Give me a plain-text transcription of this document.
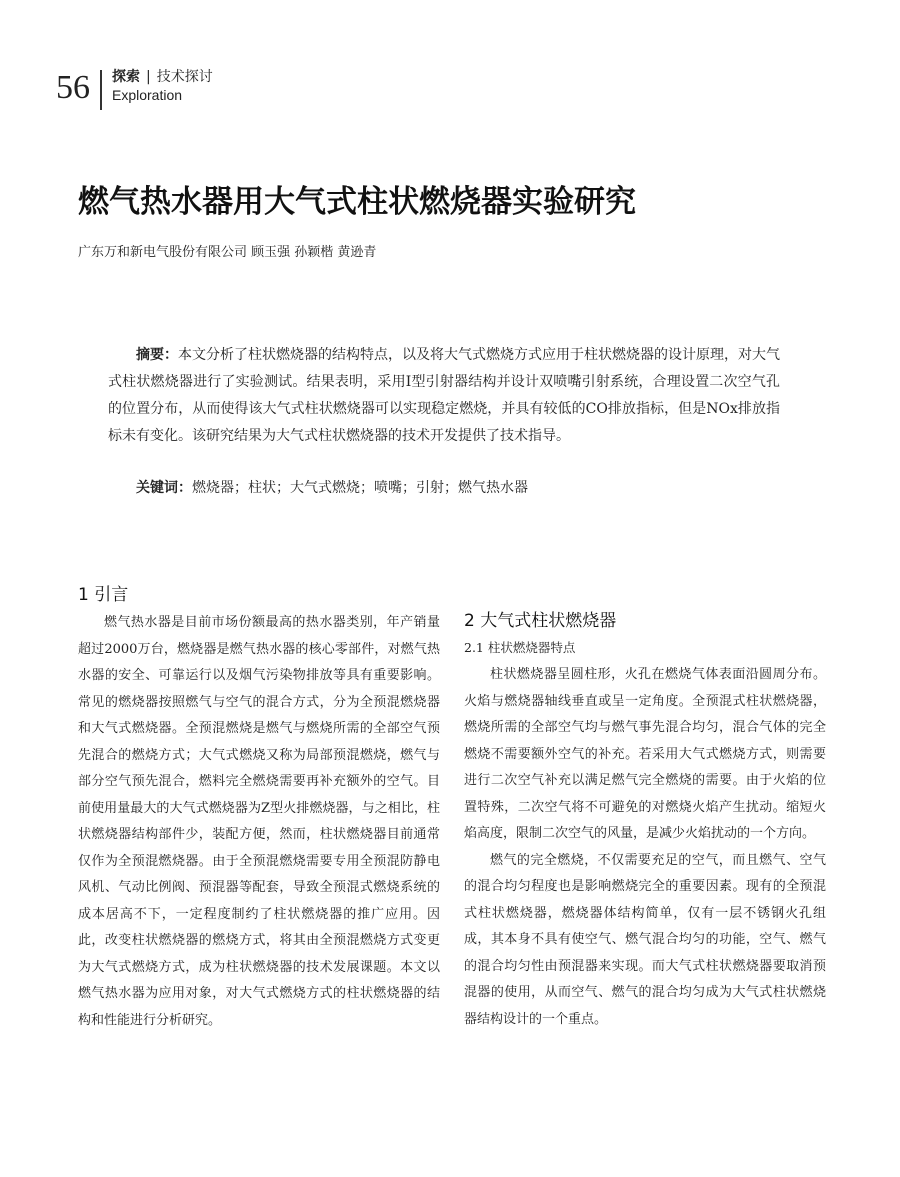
56 探索 | 技术探讨
Exploration
燃气热水器用大气式柱状燃烧器实验研究
广东万和新电气股份有限公司 顾玉强 孙颖楷 黄逊青

摘要：本文分析了柱状燃烧器的结构特点，以及将大气式燃烧方式应用于柱状燃烧器的设计原理，对大气式柱状燃烧器进行了实验测试。结果表明，采用Ⅰ型引射器结构并设计双喷嘴引射系统，合理设置二次空气孔的位置分布，从而使得该大气式柱状燃烧器可以实现稳定燃烧，并具有较低的CO排放指标，但是NOx排放指标未有变化。该研究结果为大气式柱状燃烧器的技术开发提供了技术指导。

关键词：燃烧器；柱状；大气式燃烧；喷嘴；引射；燃气热水器
1 引言

燃气热水器是目前市场份额最高的热水器类别，年产销量超过2000万台，燃烧器是燃气热水器的核心零部件，对燃气热水器的安全、可靠运行以及烟气污染物排放等具有重要影响。常见的燃烧器按照燃气与空气的混合方式，分为全预混燃烧器和大气式燃烧器。全预混燃烧是燃气与燃烧所需的全部空气预先混合的燃烧方式；大气式燃烧又称为局部预混燃烧，燃气与部分空气预先混合，燃料完全燃烧需要再补充额外的空气。目前使用量最大的大气式燃烧器为Z型火排燃烧器，与之相比，柱状燃烧器结构部件少，装配方便，然而，柱状燃烧器目前通常仅作为全预混燃烧器。由于全预混燃烧需要专用全预混防静电风机、气动比例阀、预混器等配套，导致全预混式燃烧系统的成本居高不下，一定程度制约了柱状燃烧器的推广应用。因此，改变柱状燃烧器的燃烧方式，将其由全预混燃烧方式变更为大气式燃烧方式，成为柱状燃烧器的技术发展课题。本文以燃气热水器为应用对象，对大气式燃烧方式的柱状燃烧器的结构和性能进行分析研究。

2 大气式柱状燃烧器
2.1 柱状燃烧器特点

柱状燃烧器呈圆柱形，火孔在燃烧气体表面沿圆周分布。火焰与燃烧器轴线垂直或呈一定角度。全预混式柱状燃烧器，燃烧所需的全部空气均与燃气事先混合均匀，混合气体的完全燃烧不需要额外空气的补充。若采用大气式燃烧方式，则需要进行二次空气补充以满足燃气完全燃烧的需要。由于火焰的位置特殊，二次空气将不可避免的对燃烧火焰产生扰动。缩短火焰高度，限制二次空气的风量，是减少火焰扰动的一个方向。

燃气的完全燃烧，不仅需要充足的空气，而且燃气、空气的混合均匀程度也是影响燃烧完全的重要因素。现有的全预混式柱状燃烧器，燃烧器体结构简单，仅有一层不锈钢火孔组成，其本身不具有使空气、燃气混合均匀的功能，空气、燃气的混合均匀性由预混器来实现。而大气式柱状燃烧器要取消预混器的使用，从而空气、燃气的混合均匀成为大气式柱状燃烧器结构设计的一个重点。
